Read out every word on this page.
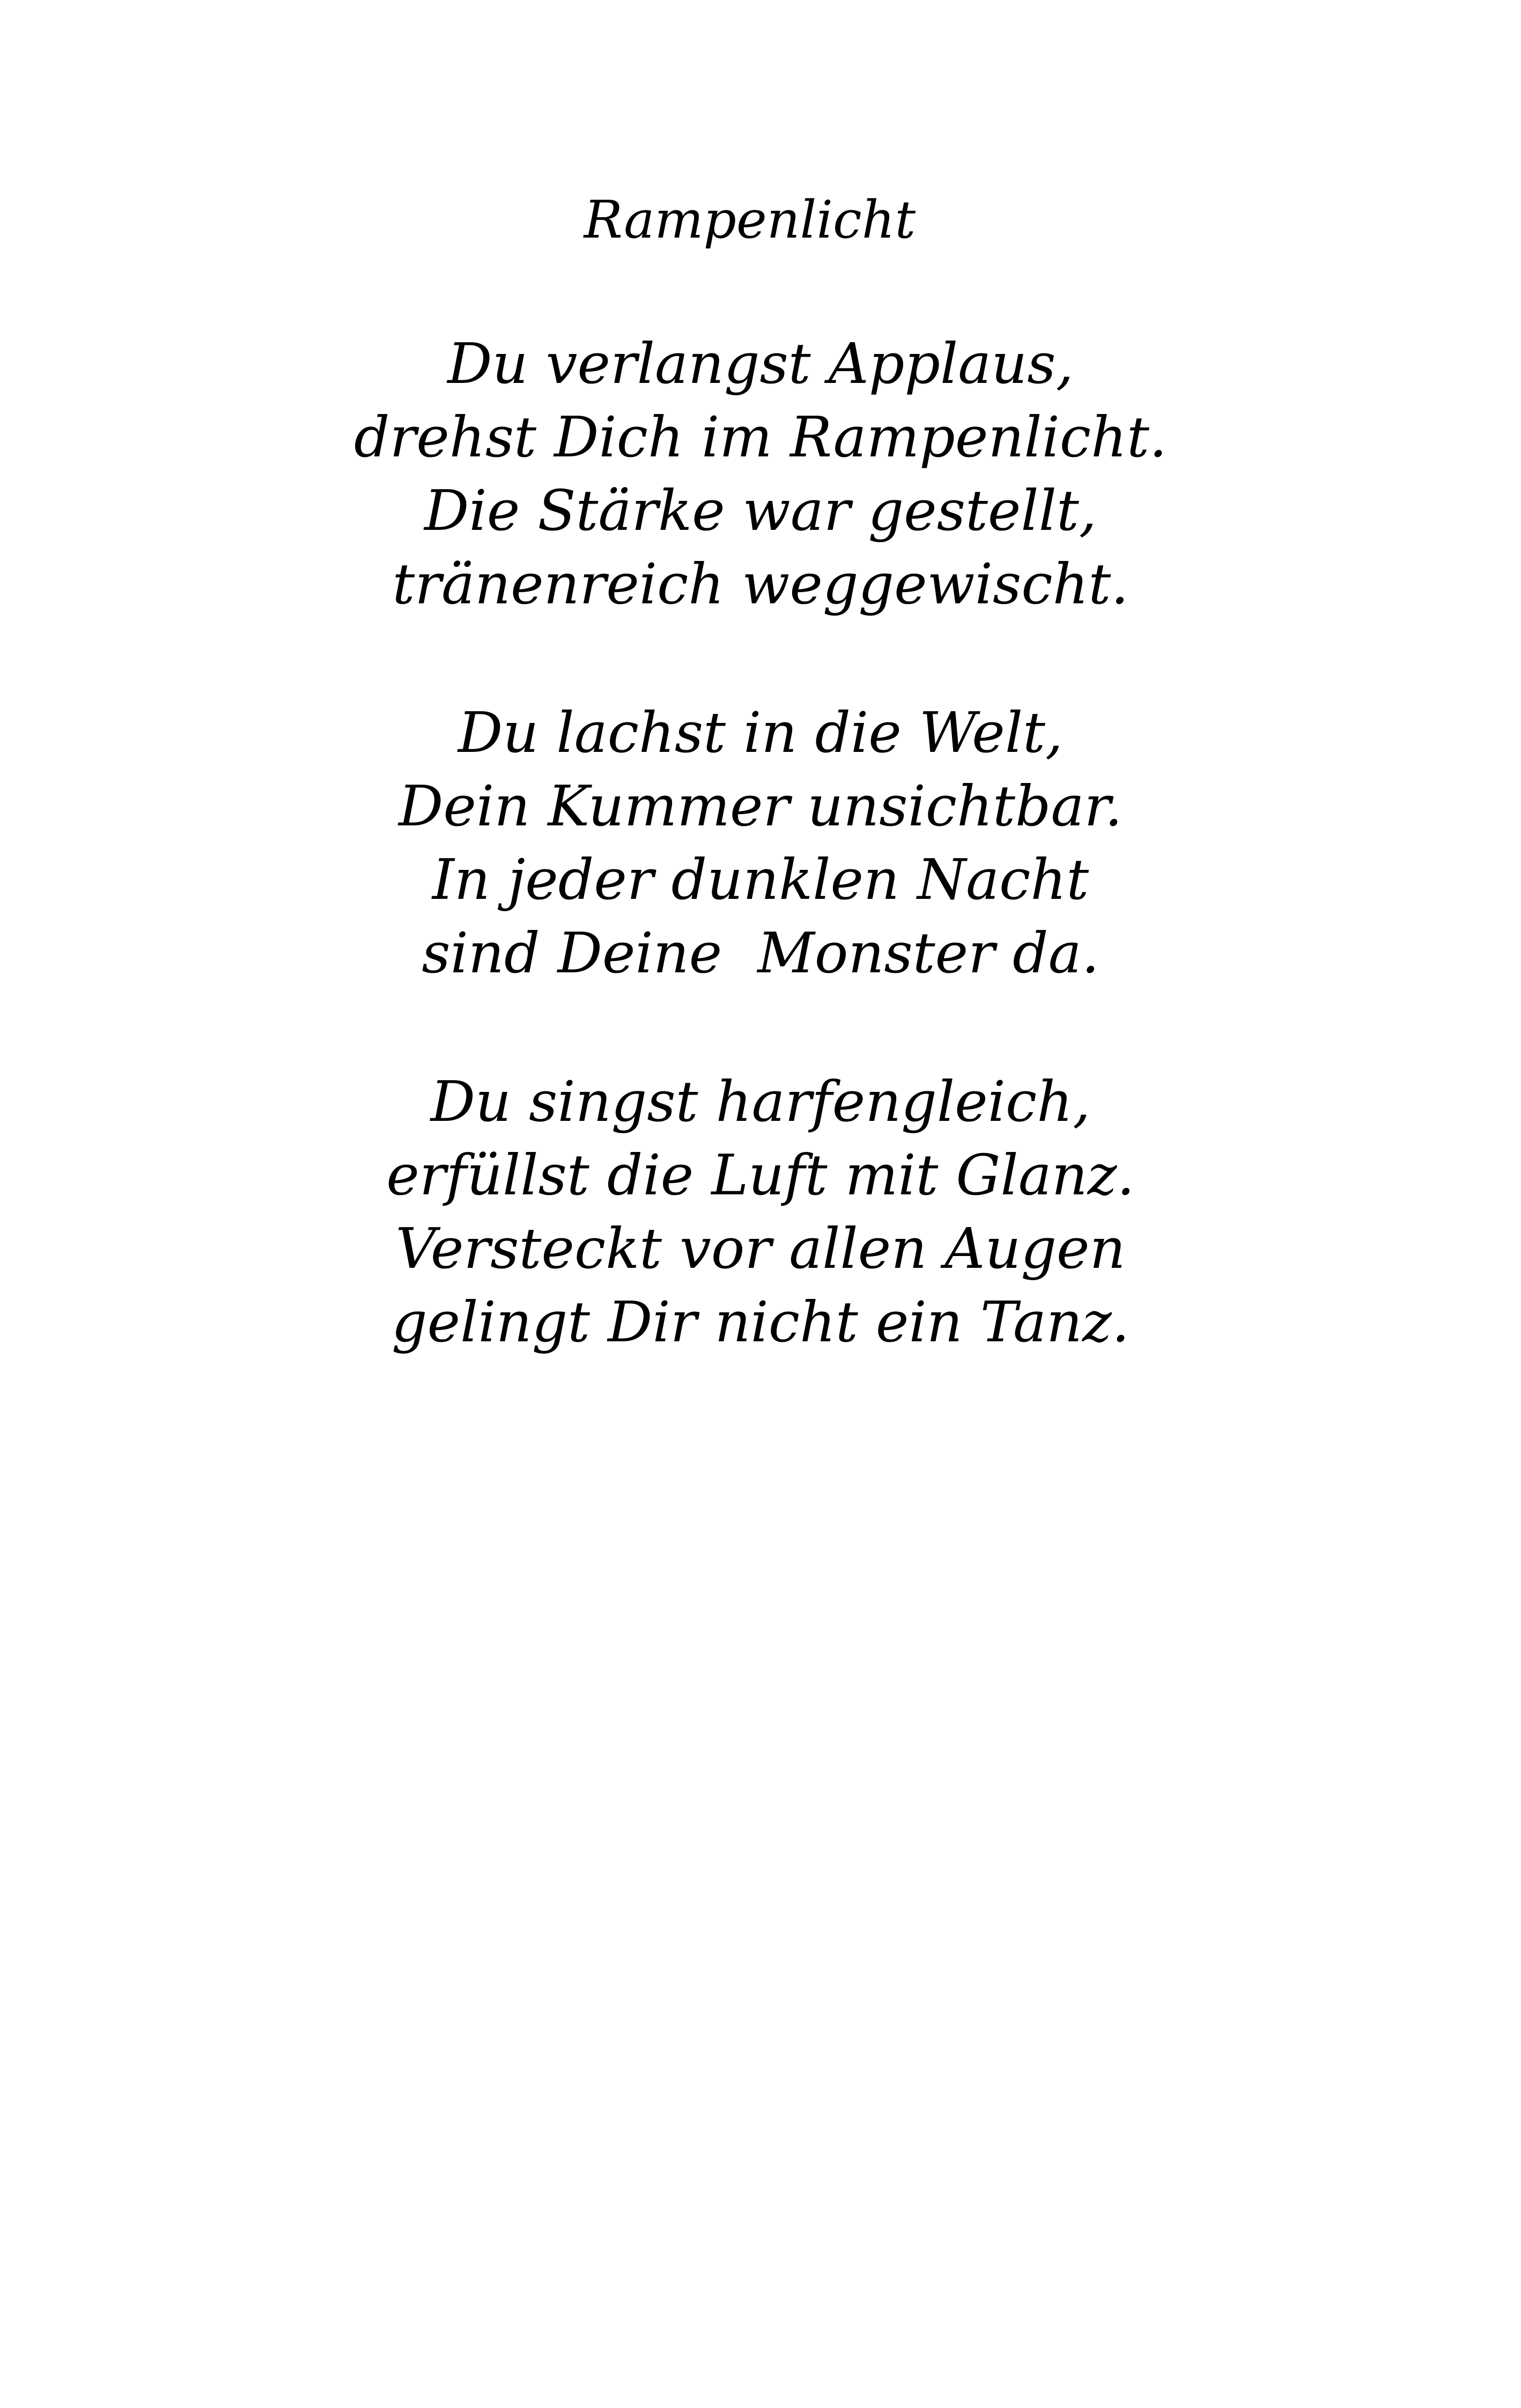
Rampenlicht
Du verlangst Applaus,
drehst Dich im Rampenlicht.
Die Stärke war gestellt,
tränenreich weggewischt.
Du lachst in die Welt,
Dein Kummer unsichtbar.
In jeder dunklen Nacht
sind Deine  Monster da.
Du singst harfengleich,
erfüllst die Luft mit Glanz.
Versteckt vor allen Augen
gelingt Dir nicht ein Tanz.
